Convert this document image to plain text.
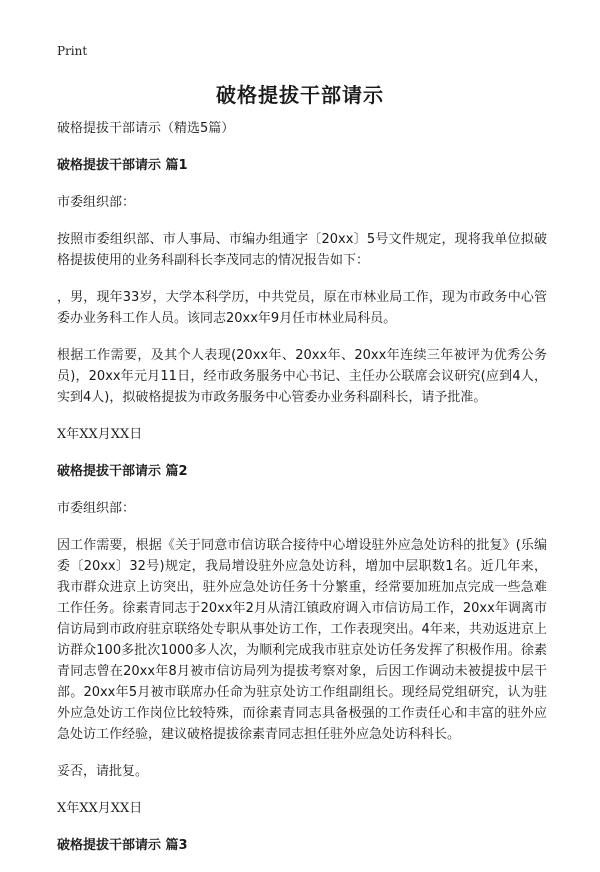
Print
破格提拔干部请示

破格提拔干部请示（精选5篇）

破格提拔干部请示 篇1

市委组织部：

按照市委组织部、市人事局、市编办组通字〔20xx〕5号文件规定，现将我单位拟破格提拔使用的业务科副科长李茂同志的情况报告如下：

，男，现年33岁，大学本科学历，中共党员，原在市林业局工作，现为市政务中心管委办业务科工作人员。该同志20xx年9月任市林业局科员。

根据工作需要，及其个人表现(20xx年、20xx年、20xx年连续三年被评为优秀公务员)，20xx年元月11日，经市政务服务中心书记、主任办公联席会议研究(应到4人，实到4人)，拟破格提拔为市政务服务中心管委办业务科副科长，请予批准。

X年XX月XX日

破格提拔干部请示 篇2

市委组织部：

因工作需要，根据《关于同意市信访联合接待中心增设驻外应急处访科的批复》(乐编委〔20xx〕32号)规定，我局增设驻外应急处访科，增加中层职数1名。近几年来，我市群众进京上访突出，驻外应急处访任务十分繁重，经常要加班加点完成一些急难工作任务。徐素青同志于20xx年2月从清江镇政府调入市信访局工作，20xx年调离市信访局到市政府驻京联络处专职从事处访工作，工作表现突出。4年来，共劝返进京上访群众100多批次1000多人次，为顺利完成我市驻京处访任务发挥了积极作用。徐素青同志曾在20xx年8月被市信访局列为提拔考察对象，后因工作调动未被提拔中层干部。20xx年5月被市联席办任命为驻京处访工作组副组长。现经局党组研究，认为驻外应急处访工作岗位比较特殊，而徐素青同志具备极强的工作责任心和丰富的驻外应急处访工作经验，建议破格提拔徐素青同志担任驻外应急处访科科长。

妥否，请批复。

X年XX月XX日

破格提拔干部请示 篇3
